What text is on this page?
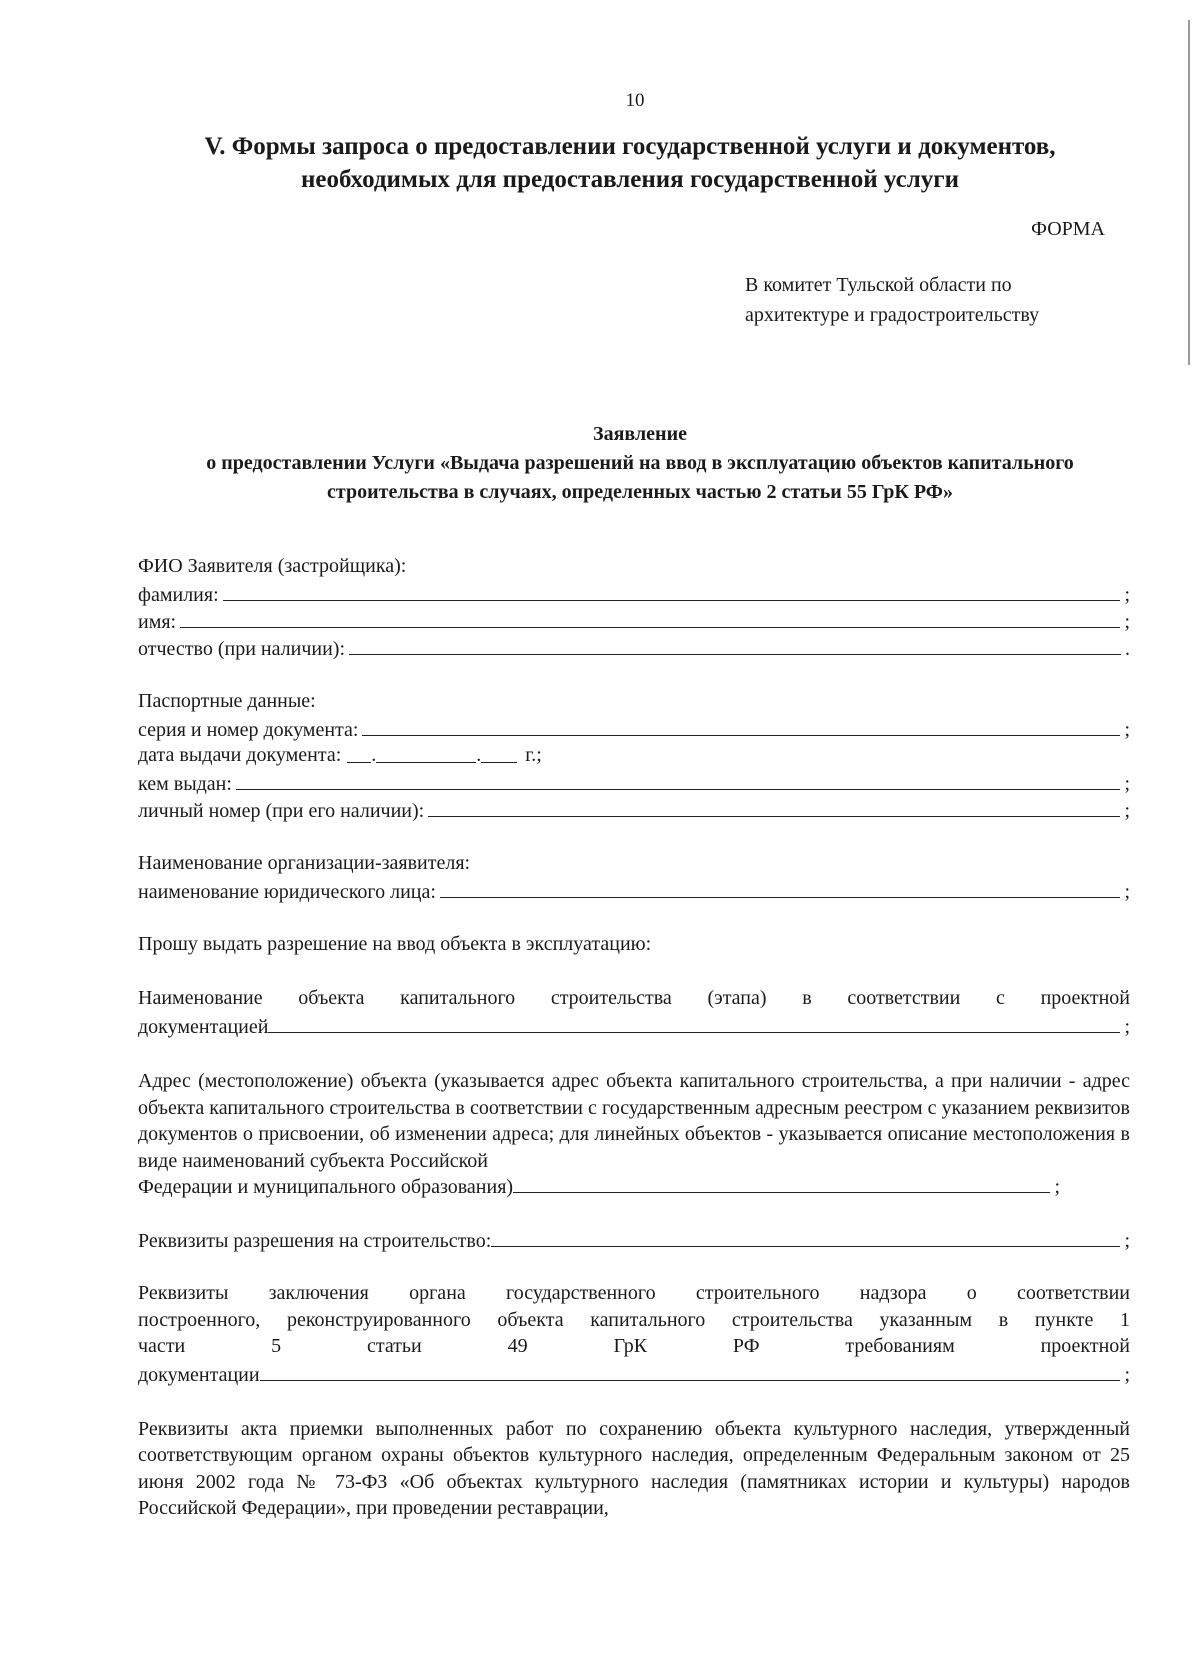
10
V. Формы запроса о предоставлении государственной услуги и документов, необходимых для предоставления государственной услуги
ФОРМА
В комитет Тульской области по
архитектуре и градостроительству
Заявление
о предоставлении Услуги «Выдача разрешений на ввод в эксплуатацию объектов капитального строительства в случаях, определенных частью 2 статьи 55 ГрК РФ»
ФИО Заявителя (застройщика):
фамилия:	;
имя:	;
отчество (при наличии):	.
Паспортные данные:
серия и номер документа:	;
дата выдачи документа: .	. г.;
кем выдан:	;
личный номер (при его наличии):	;
Наименование организации-заявителя:
наименование юридического лица:	;
Прошу выдать разрешение на ввод объекта в эксплуатацию:
Наименование объекта капитального строительства (этапа) в соответствии с проектной
документацией	;
Адрес (местоположение) объекта (указывается адрес объекта капитального строительства, а при наличии - адрес объекта капитального строительства в соответствии с государственным адресным реестром с указанием реквизитов документов о присвоении, об изменении адреса; для линейных объектов - указывается описание местоположения в виде наименований субъекта Российской
Федерации и муниципального образования)	;
Реквизиты разрешения на строительство:	;
Реквизиты заключения органа государственного строительного надзора о соответствии
построенного, реконструированного объекта капитального строительства указанным в пункте 1
части 5 статьи 49 ГрК РФ требованиям проектной
документации	;
Реквизиты акта приемки выполненных работ по сохранению объекта культурного наследия, утвержденный соответствующим органом охраны объектов культурного наследия, определенным Федеральным законом от 25 июня 2002 года № 73-ФЗ «Об объектах культурного наследия (памятниках истории и культуры) народов Российской Федерации», при проведении реставрации,
